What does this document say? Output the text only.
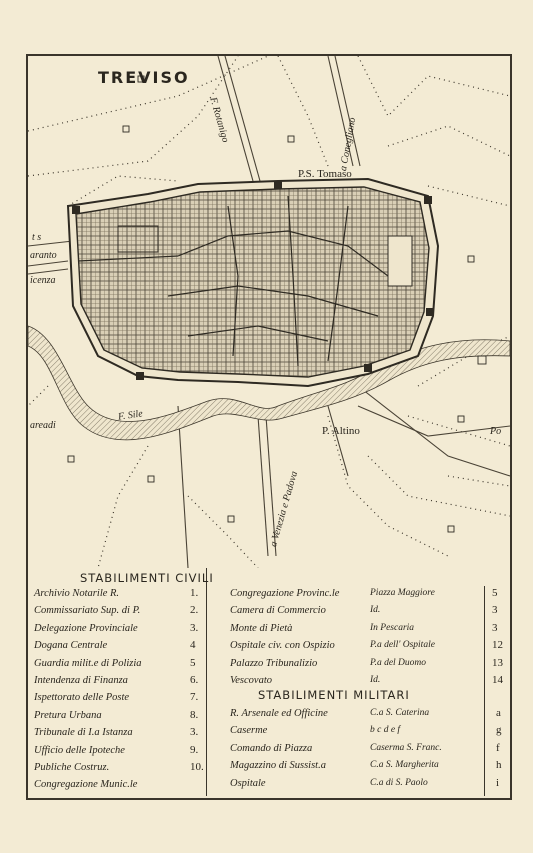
TREVISO
F. Rotanigo	a Conegliano
P.S. Tomaso
t s
aranto
icenza
areadi
F. Sile
P. Altino
a Venezia e Padova
Po
STABILIMENTI CIVILI
STABILIMENTI MILITARI
Archivio Notarile R.	1.
Commissariato Sup. di P.	2.
Delegazione Provinciale	3.
Dogana Centrale	4
Guardia milit.e di Polizia	5
Intendenza di Finanza	6.
Ispettorato delle Poste	7.
Pretura Urbana	8.
Tribunale di I.a Istanza	3.
Ufficio delle Ipoteche	9.
Publiche Costruz.	10.
Congregazione Munic.le
Congregazione Provinc.le	Piazza Maggiore	5
Camera di Commercio	Id.	3
Monte di Pietà	In Pescaria	3
Ospitale civ. con Ospizio	P.a dell' Ospitale	12
Palazzo Tribunalizio	P.a del Duomo	13
Vescovato	Id.	14
R. Arsenale ed Officine	C.a S. Caterina	a
Caserme	b c d e f	g
Comando di Piazza	Caserma S. Franc.	f
Magazzino di Sussist.a	C.a S. Margherita	h
Ospitale	C.a di S. Paolo	i
